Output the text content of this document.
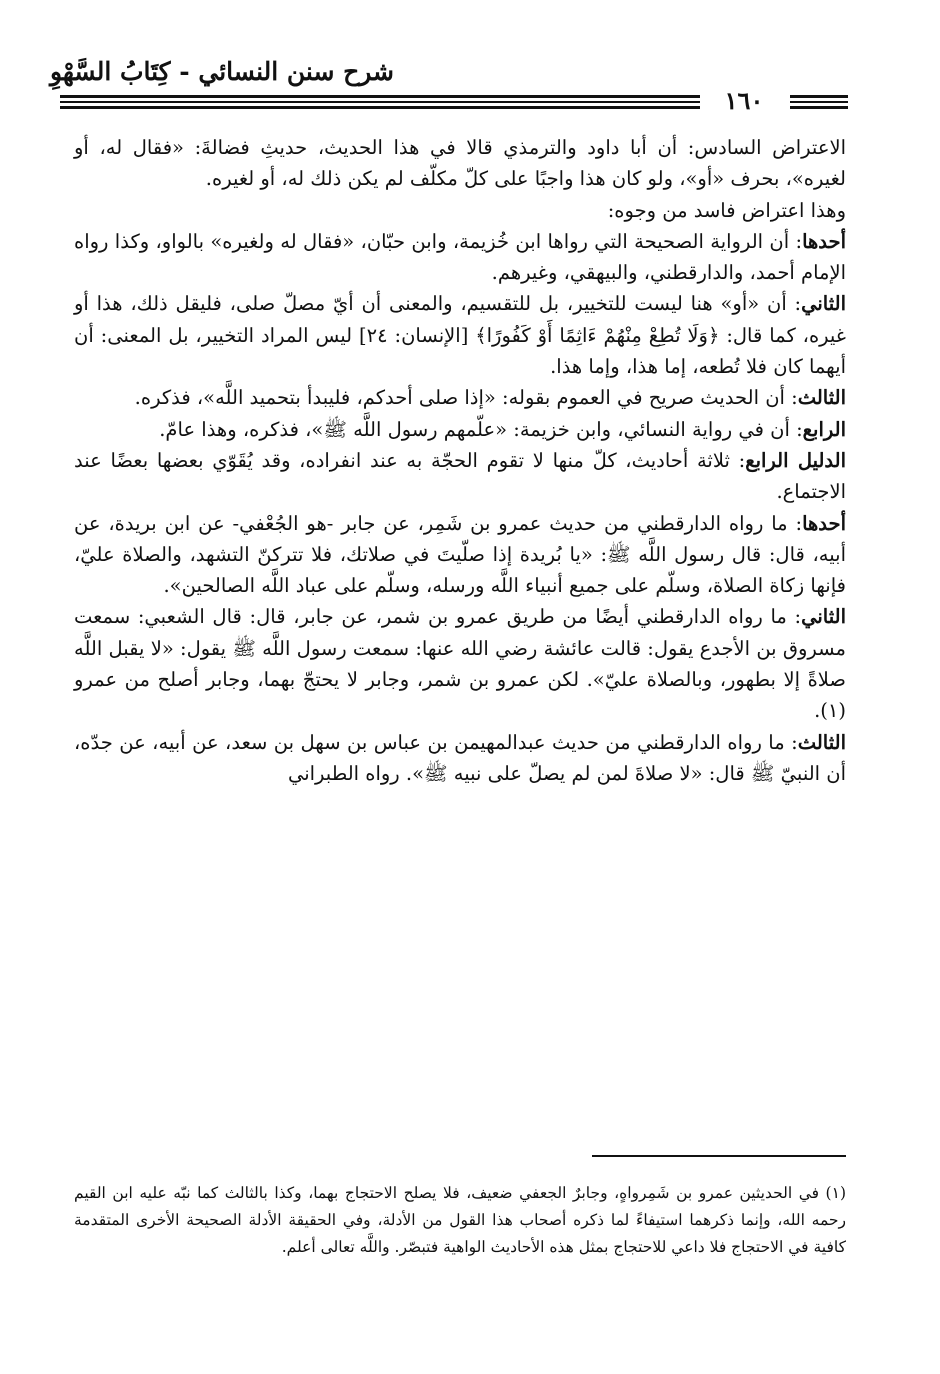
شرح سنن النسائي - كِتَابُ السَّهْوِ
١٦٠

الاعتراض السادس: أن أبا داود والترمذي قالا في هذا الحديث، حديثِ فضالةَ: «فقال له، أو لغيره»، بحرف «أو»، ولو كان هذا واجبًا على كلّ مكلّف لم يكن ذلك له، أو لغيره.

وهذا اعتراض فاسد من وجوه:

أحدها: أن الرواية الصحيحة التي رواها ابن خُزيمة، وابن حبّان، «فقال له ولغيره» بالواو، وكذا رواه الإمام أحمد، والدارقطني، والبيهقي، وغيرهم.

الثاني: أن «أو» هنا ليست للتخيير، بل للتقسيم، والمعنى أن أيّ مصلّ صلى، فليقل ذلك، هذا أو غيره، كما قال: ﴿وَلَا تُطِعْ مِنْهُمْ ءَاثِمًا أَوْ كَفُورًا﴾ [الإنسان: ٢٤] ليس المراد التخيير، بل المعنى: أن أيهما كان فلا تُطعه، إما هذا، وإما هذا.

الثالث: أن الحديث صريح في العموم بقوله: «إذا صلى أحدكم، فليبدأ بتحميد اللَّه»، فذكره.

الرابع: أن في رواية النسائي، وابن خزيمة: «علّمهم رسول اللَّه ﷺ»، فذكره، وهذا عامّ.

الدليل الرابع: ثلاثة أحاديث، كلّ منها لا تقوم الحجّة به عند انفراده، وقد يُقَوّي بعضها بعضًا عند الاجتماع.

أحدها: ما رواه الدارقطني من حديث عمرو بن شَمِر، عن جابر -هو الجُعْفي- عن ابن بريدة، عن أبيه، قال: قال رسول اللَّه ﷺ: «يا بُريدة إذا صلّيتَ في صلاتك، فلا تتركنّ التشهد، والصلاة عليّ، فإنها زكاة الصلاة، وسلّم على جميع أنبياء اللَّه ورسله، وسلّم على عباد اللَّه الصالحين».

الثاني: ما رواه الدارقطني أيضًا من طريق عمرو بن شمر، عن جابر، قال: قال الشعبي: سمعت مسروق بن الأجدع يقول: قالت عائشة رضي الله عنها: سمعت رسول اللَّه ﷺ يقول: «لا يقبل اللَّه صلاةً إلا بطهور، وبالصلاة عليّ». لكن عمرو بن شمر، وجابر لا يحتجّ بهما، وجابر أصلح من عمرو (١).

الثالث: ما رواه الدارقطني من حديث عبدالمهيمن بن عباس بن سهل بن سعد، عن أبيه، عن جدّه، أن النبيّ ﷺ قال: «لا صلاةَ لمن لم يصلّ على نبيه ﷺ». رواه الطبراني

(١) في الحديثين عمرو بن شَمِرواهٍ، وجابرٌ الجعفي ضعيف، فلا يصلح الاحتجاج بهما، وكذا بالثالث كما نبّه عليه ابن القيم رحمه الله، وإنما ذكرهما استيفاءً لما ذكره أصحاب هذا القول من الأدلة، وفي الحقيقة الأدلة الصحيحة الأخرى المتقدمة كافية في الاحتجاج فلا داعي للاحتجاج بمثل هذه الأحاديث الواهية فتبصّر. واللَّه تعالى أعلم.
